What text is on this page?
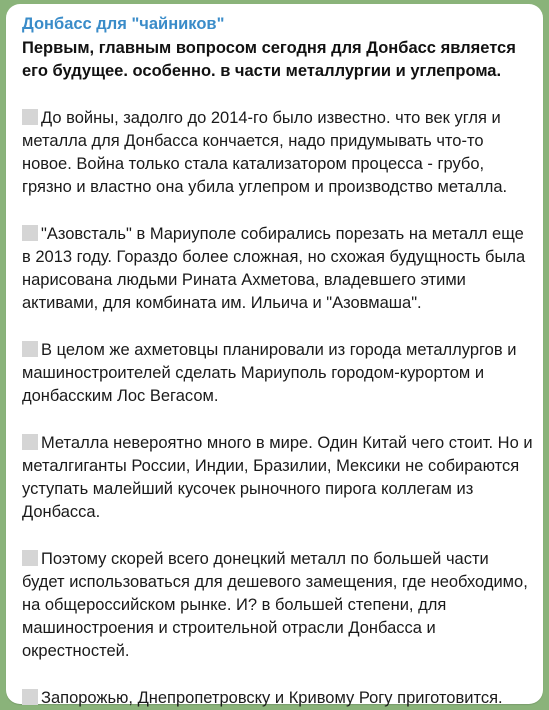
Донбасс для "чайников"
Первым, главным вопросом сегодня для Донбасс является его будущее. особенно. в части металлургии и углепрома.
До войны, задолго до 2014-го было известно. что век угля и металла для Донбасса кончается, надо придумывать что-то новое. Война только стала катализатором процесса - грубо, грязно и властно она убила углепром и производство металла.
"Азовсталь" в Мариуполе собирались порезать на металл еще в 2013 году. Гораздо более сложная, но схожая будущность была нарисована людьми Рината Ахметова, владевшего этими активами, для комбината им. Ильича и "Азовмаша".
В целом же ахметовцы планировали из города металлургов и машиностроителей сделать Мариуполь городом-курортом и донбасским Лос Вегасом.
Металла невероятно много в мире. Один Китай чего стоит. Но и металгиганты России, Индии, Бразилии, Мексики не собираются уступать малейший кусочек рыночного пирога коллегам из Донбасса.
Поэтому скорей всего донецкий металл по большей части будет использоваться для дешевого замещения, где необходимо, на общероссийском рынке. И? в большей степени, для машиностроения и строительной отрасли Донбасса и окрестностей.
Запорожью, Днепропетровску и Кривому Рогу приготовится.
